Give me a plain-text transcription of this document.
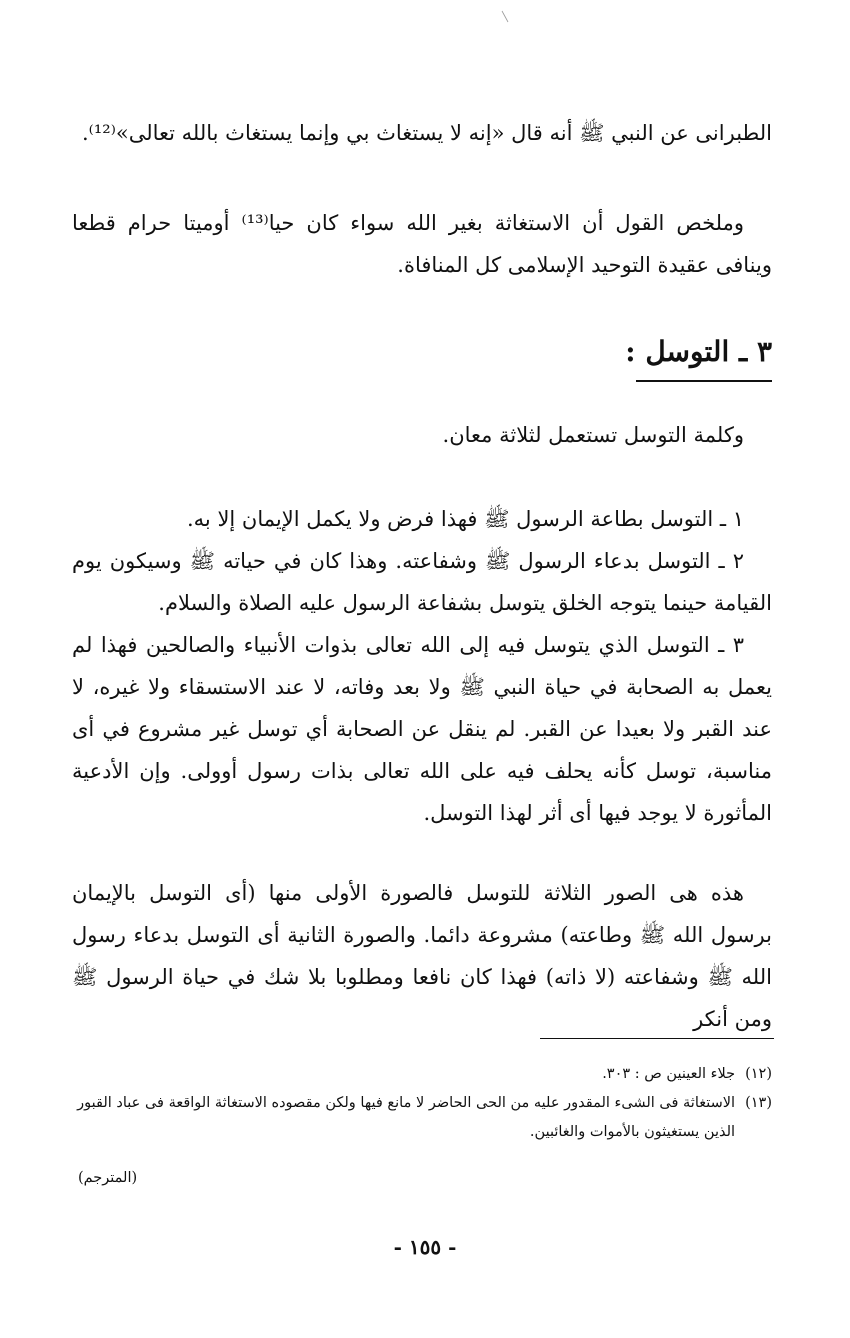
الطبرانى عن النبي ﷺ أنه قال «إنه لا يستغاث بي وإنما يستغاث بالله تعالى»⁽¹²⁾.

وملخص القول أن الاستغاثة بغير الله سواء كان حيا⁽¹³⁾ أوميتا حرام قطعا وينافى عقيدة التوحيد الإسلامى كل المنافاة.

٣ ـ التوسل :

وكلمة التوسل تستعمل لثلاثة معان.

١ ـ التوسل بطاعة الرسول ﷺ فهذا فرض ولا يكمل الإيمان إلا به.

٢ ـ التوسل بدعاء الرسول ﷺ وشفاعته. وهذا كان في حياته ﷺ وسيكون يوم القيامة حينما يتوجه الخلق يتوسل بشفاعة الرسول عليه الصلاة والسلام.

٣ ـ التوسل الذي يتوسل فيه إلى الله تعالى بذوات الأنبياء والصالحين فهذا لم يعمل به الصحابة في حياة النبي ﷺ ولا بعد وفاته، لا عند الاستسقاء ولا غيره، لا عند القبر ولا بعيدا عن القبر. لم ينقل عن الصحابة أي توسل غير مشروع في أى مناسبة، توسل كأنه يحلف فيه على الله تعالى بذات رسول أوولى. وإن الأدعية المأثورة لا يوجد فيها أى أثر لهذا التوسل.

هذه هى الصور الثلاثة للتوسل فالصورة الأولى منها (أى التوسل بالإيمان برسول الله ﷺ وطاعته) مشروعة دائما. والصورة الثانية أى التوسل بدعاء رسول الله ﷺ وشفاعته (لا ذاته) فهذا كان نافعا ومطلوبا بلا شك في حياة الرسول ﷺ ومن أنكر

(١٢)
جلاء العينين ص : ٣٠٣.
(١٣)
الاستغاثة فى الشىء المقدور عليه من الحى الحاضر لا مانع فيها ولكن مقصوده الاستغاثة الواقعة فى عباد القبور الذين يستغيثون بالأموات والغائبين.
(المترجم)
- ١٥٥ -
